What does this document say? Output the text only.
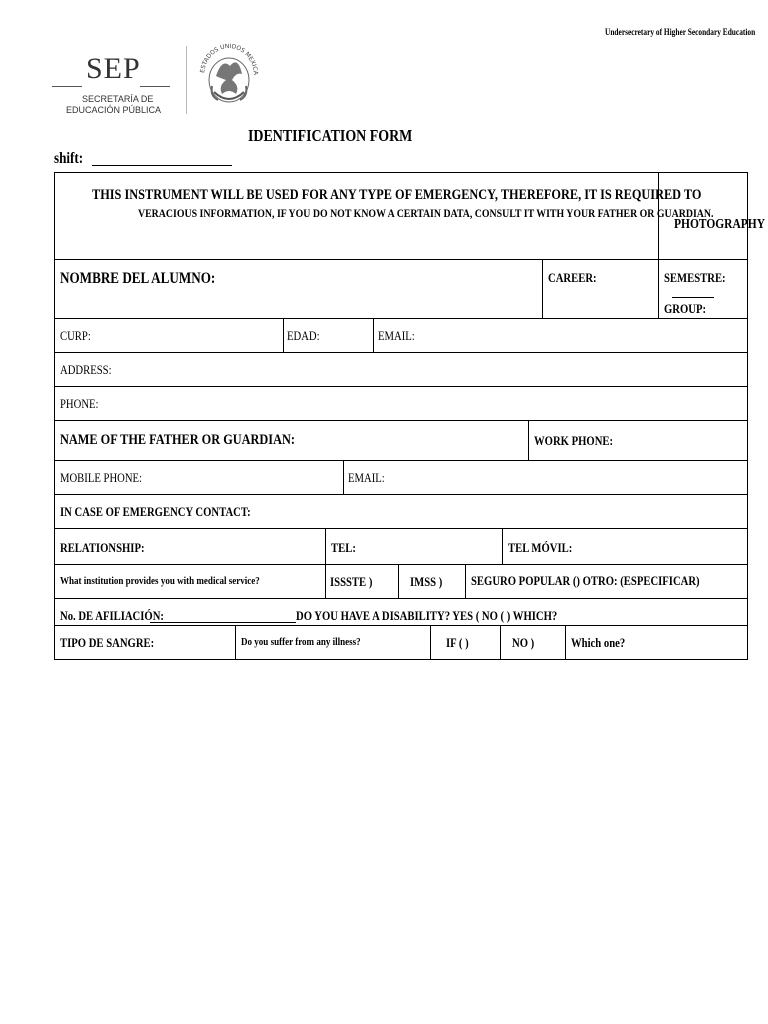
Undersecretary of Higher Secondary Education
SEP
SECRETARÍA DE
EDUCACIÓN PÚBLICA
ESTADOS UNIDOS MEXICA
IDENTIFICATION FORM
shift:
THIS INSTRUMENT WILL BE USED FOR ANY TYPE OF EMERGENCY, THEREFORE, IT IS REQUIRED TO
VERACIOUS INFORMATION, IF YOU DO NOT KNOW A CERTAIN DATA, CONSULT IT WITH YOUR FATHER OR GUARDIAN.
PHOTOGRAPHY
NOMBRE DEL ALUMNO:	CAREER:	SEMESTRE:
GROUP:
CURP:	EDAD:	EMAIL:
ADDRESS:
PHONE:
NAME OF THE FATHER OR GUARDIAN:	WORK PHONE:
MOBILE PHONE:	EMAIL:
IN CASE OF EMERGENCY CONTACT:
RELATIONSHIP:	TEL:	TEL MÓVIL:
What institution provides you with medical service?	ISSSTE )	IMSS )	SEGURO POPULAR () OTRO: (ESPECIFICAR)
No. DE AFILIACIÓN:	DO YOU HAVE A DISABILITY? YES ( NO ( ) WHICH?
TIPO DE SANGRE:	Do you suffer from any illness?	IF ( )	NO )	Which one?
